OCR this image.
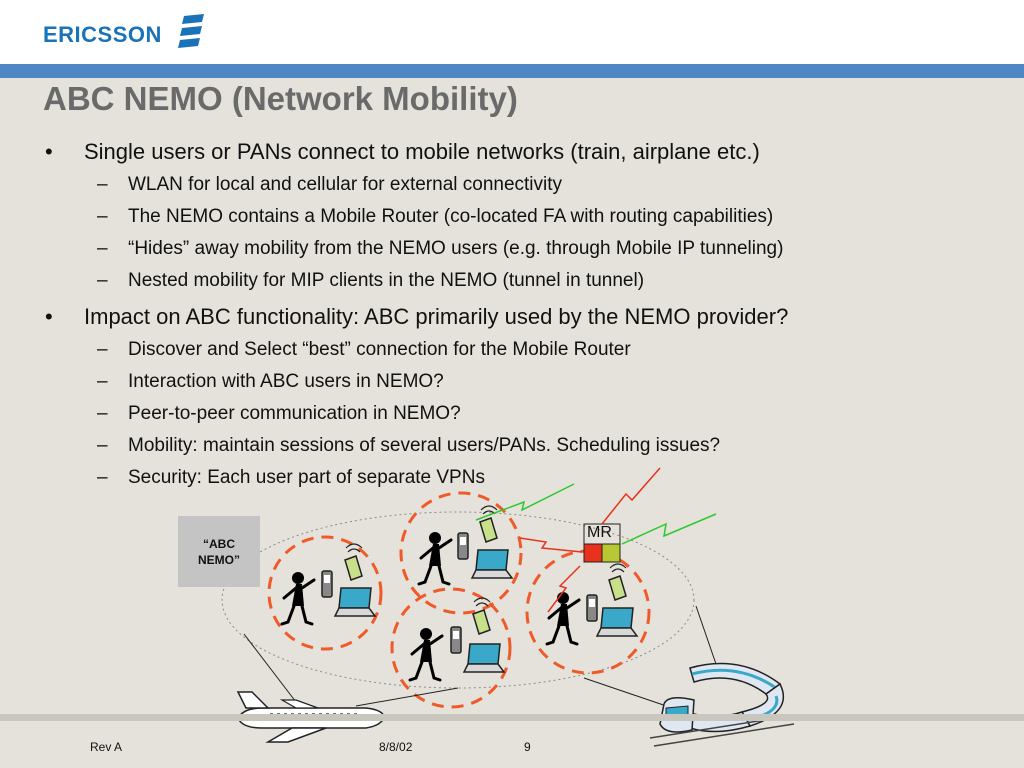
ERICSSON
ABC NEMO (Network Mobility)
• Single users or PANs connect to mobile networks (train, airplane etc.)
– WLAN for local and cellular for external connectivity
– The NEMO contains a Mobile Router (co-located FA with routing capabilities)
– “Hides” away mobility from the NEMO users (e.g. through Mobile IP tunneling)
– Nested mobility for MIP clients in the NEMO (tunnel in tunnel)
• Impact on ABC functionality: ABC primarily used by the NEMO provider?
– Discover and Select “best” connection for the Mobile Router
– Interaction with ABC users in NEMO?
– Peer-to-peer communication in NEMO?
– Mobility: maintain sessions of several users/PANs. Scheduling issues?
– Security: Each user part of separate VPNs
“ABC
NEMO”
MR
Rev A	8/8/02	9
